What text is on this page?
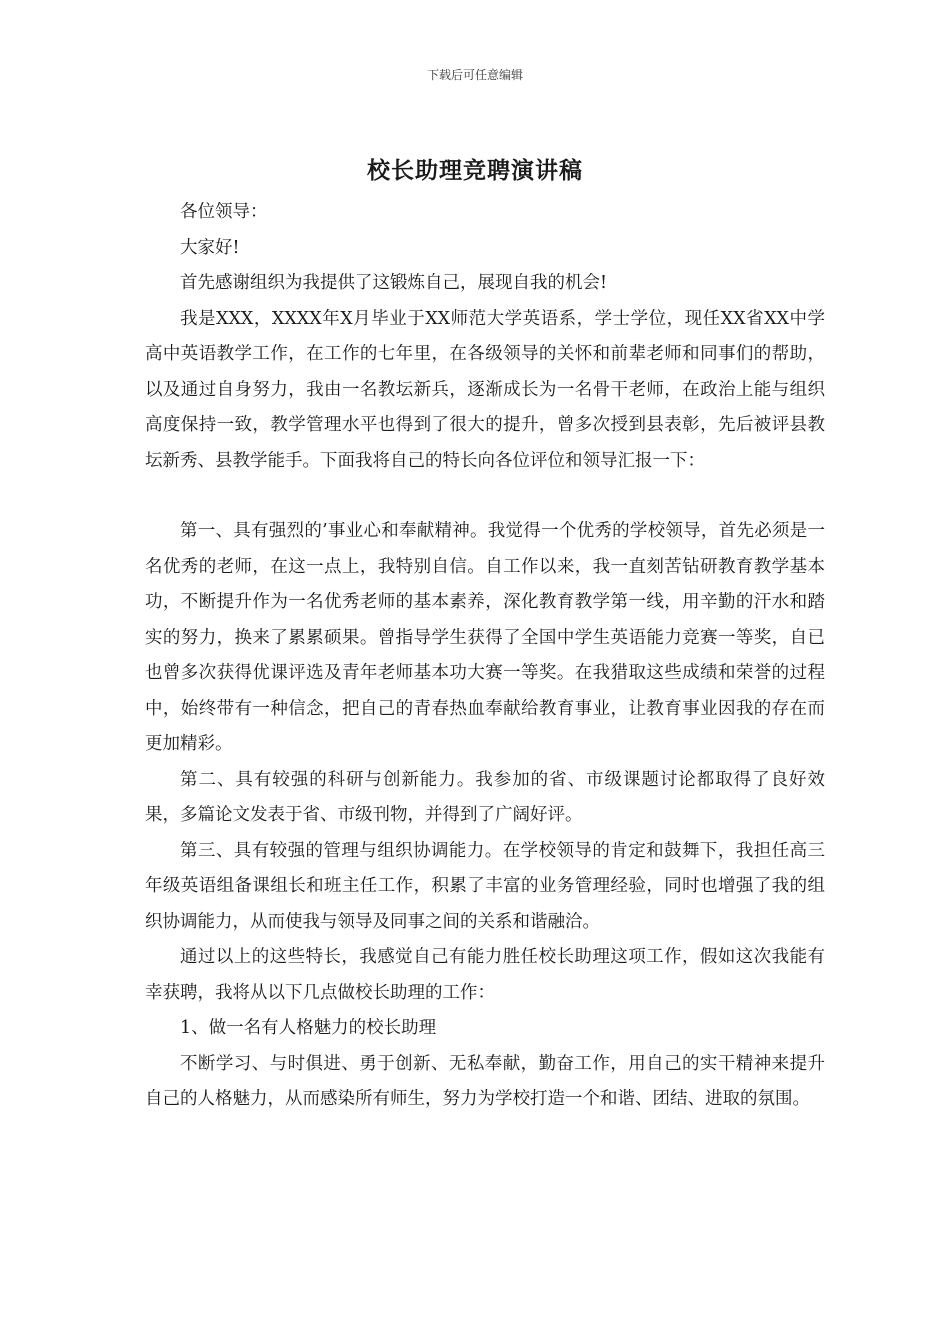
下载后可任意编辑
校长助理竞聘演讲稿

各位领导：

大家好!

首先感谢组织为我提供了这锻炼自己，展现自我的机会!

我是XXX，XXXX年X月毕业于XX师范大学英语系，学士学位，现任XX省XX中学高中英语教学工作，在工作的七年里，在各级领导的关怀和前辈老师和同事们的帮助，以及通过自身努力，我由一名教坛新兵，逐渐成长为一名骨干老师，在政治上能与组织高度保持一致，教学管理水平也得到了很大的提升，曾多次授到县表彰，先后被评县教坛新秀、县教学能手。下面我将自己的特长向各位评位和领导汇报一下：

第一、具有强烈的’事业心和奉献精神。我觉得一个优秀的学校领导，首先必须是一名优秀的老师，在这一点上，我特别自信。自工作以来，我一直刻苦钻研教育教学基本功，不断提升作为一名优秀老师的基本素养，深化教育教学第一线，用辛勤的汗水和踏实的努力，换来了累累硕果。曾指导学生获得了全国中学生英语能力竞赛一等奖，自已也曾多次获得优课评选及青年老师基本功大赛一等奖。在我猎取这些成绩和荣誉的过程中，始终带有一种信念，把自己的青春热血奉献给教育事业，让教育事业因我的存在而更加精彩。

第二、具有较强的科研与创新能力。我参加的省、市级课题讨论都取得了良好效果，多篇论文发表于省、市级刊物，并得到了广阔好评。

第三、具有较强的管理与组织协调能力。在学校领导的肯定和鼓舞下，我担任高三年级英语组备课组长和班主任工作，积累了丰富的业务管理经验，同时也增强了我的组织协调能力，从而使我与领导及同事之间的关系和谐融洽。

通过以上的这些特长，我感觉自己有能力胜任校长助理这项工作，假如这次我能有幸获聘，我将从以下几点做校长助理的工作：

1、做一名有人格魅力的校长助理

不断学习、与时俱进、勇于创新、无私奉献，勤奋工作，用自己的实干精神来提升自己的人格魅力，从而感染所有师生，努力为学校打造一个和谐、团结、进取的氛围。
